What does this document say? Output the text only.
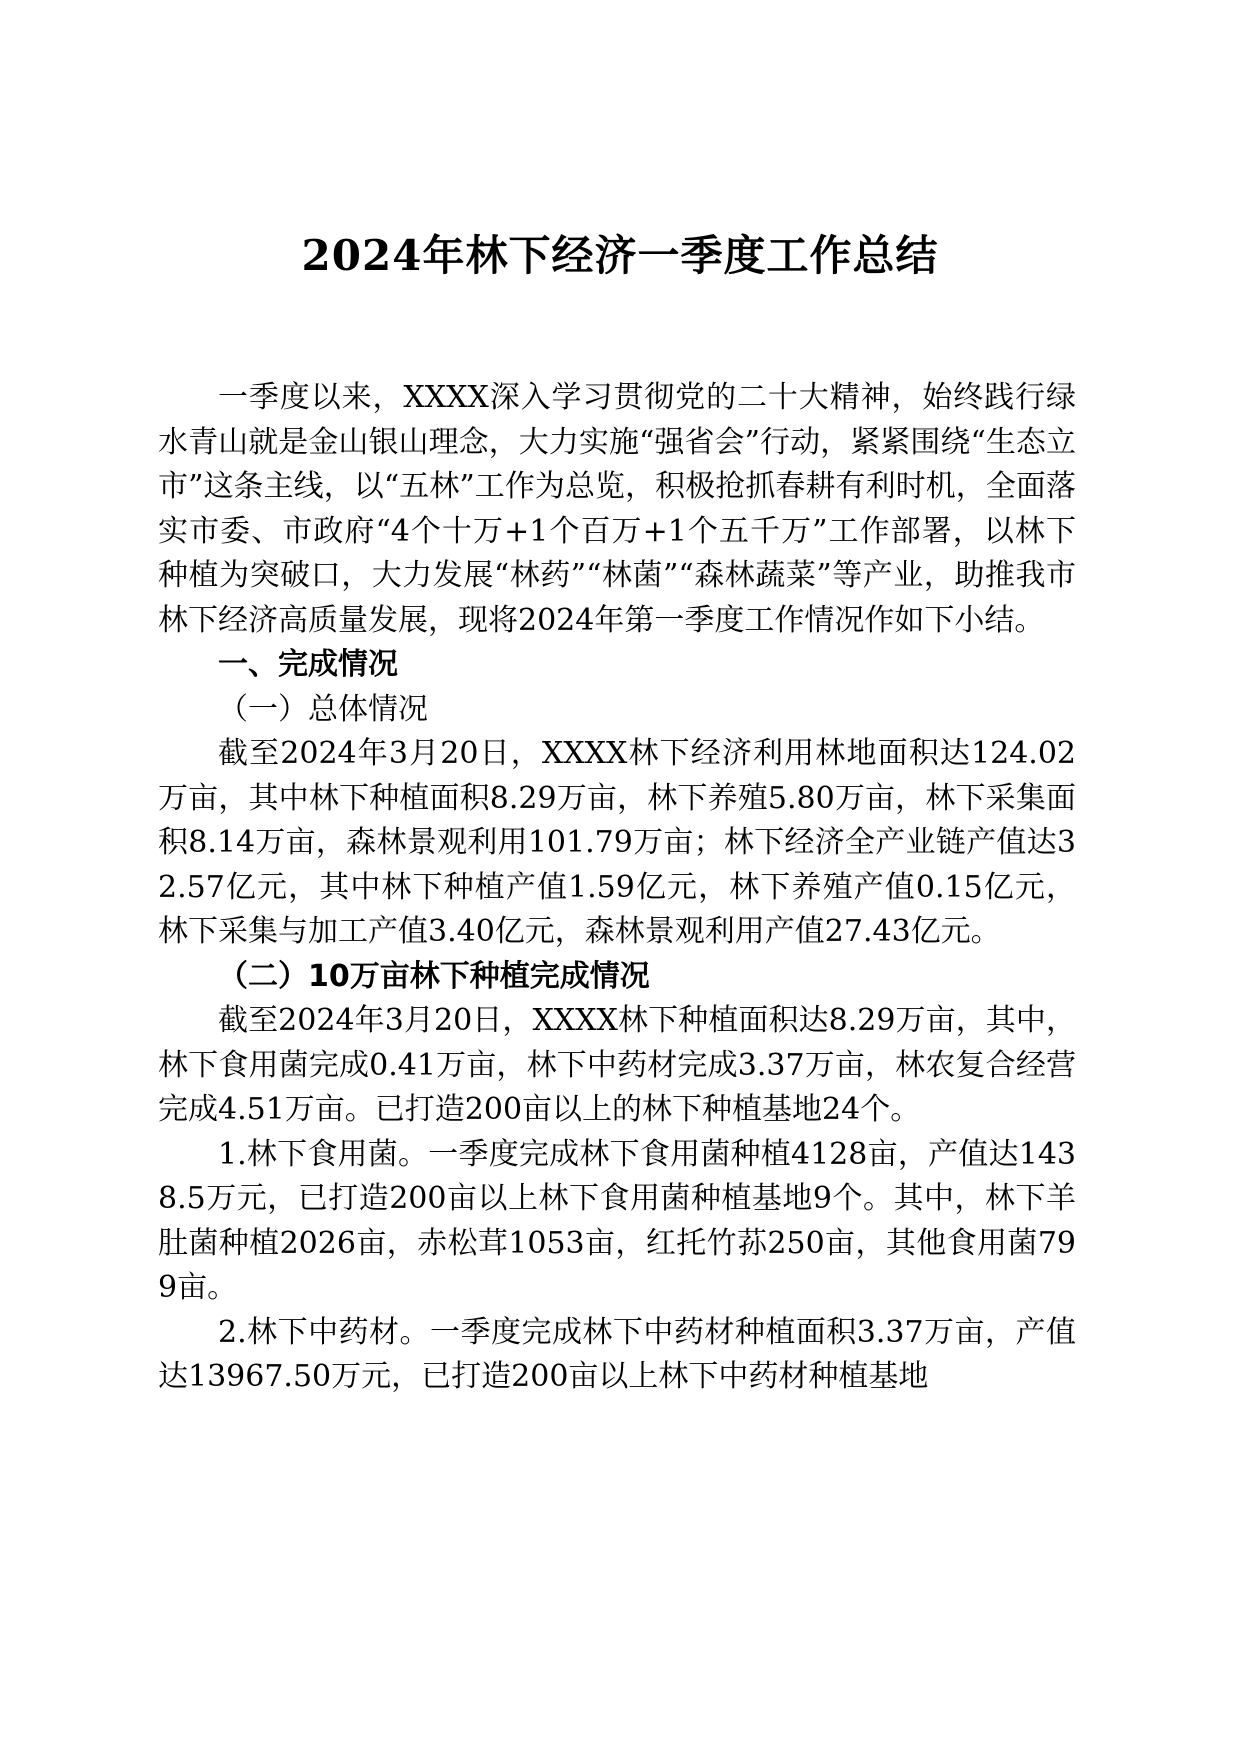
2024年林下经济一季度工作总结

一季度以来，XXXX深入学习贯彻党的二十大精神，始终践行绿水青山就是金山银山理念，大力实施“强省会”行动，紧紧围绕“生态立市”这条主线，以“五林”工作为总览，积极抢抓春耕有利时机，全面落实市委、市政府“4个十万+1个百万+1个五千万”工作部署，以林下种植为突破口，大力发展“林药”“林菌”“森林蔬菜”等产业，助推我市林下经济高质量发展，现将2024年第一季度工作情况作如下小结。

一、完成情况

（一）总体情况

截至2024年3月20日，XXXX林下经济利用林地面积达124.02万亩，其中林下种植面积8.29万亩，林下养殖5.80万亩，林下采集面积8.14万亩，森林景观利用101.79万亩；林下经济全产业链产值达32.57亿元，其中林下种植产值1.59亿元，林下养殖产值0.15亿元，林下采集与加工产值3.40亿元，森林景观利用产值27.43亿元。

（二）10万亩林下种植完成情况

截至2024年3月20日，XXXX林下种植面积达8.29万亩，其中，林下食用菌完成0.41万亩，林下中药材完成3.37万亩，林农复合经营完成4.51万亩。已打造200亩以上的林下种植基地24个。

1.林下食用菌。一季度完成林下食用菌种植4128亩，产值达1438.5万元，已打造200亩以上林下食用菌种植基地9个。其中，林下羊肚菌种植2026亩，赤松茸1053亩，红托竹荪250亩，其他食用菌799亩。

2.林下中药材。一季度完成林下中药材种植面积3.37万亩，产值达13967.50万元，已打造200亩以上林下中药材种植基地
